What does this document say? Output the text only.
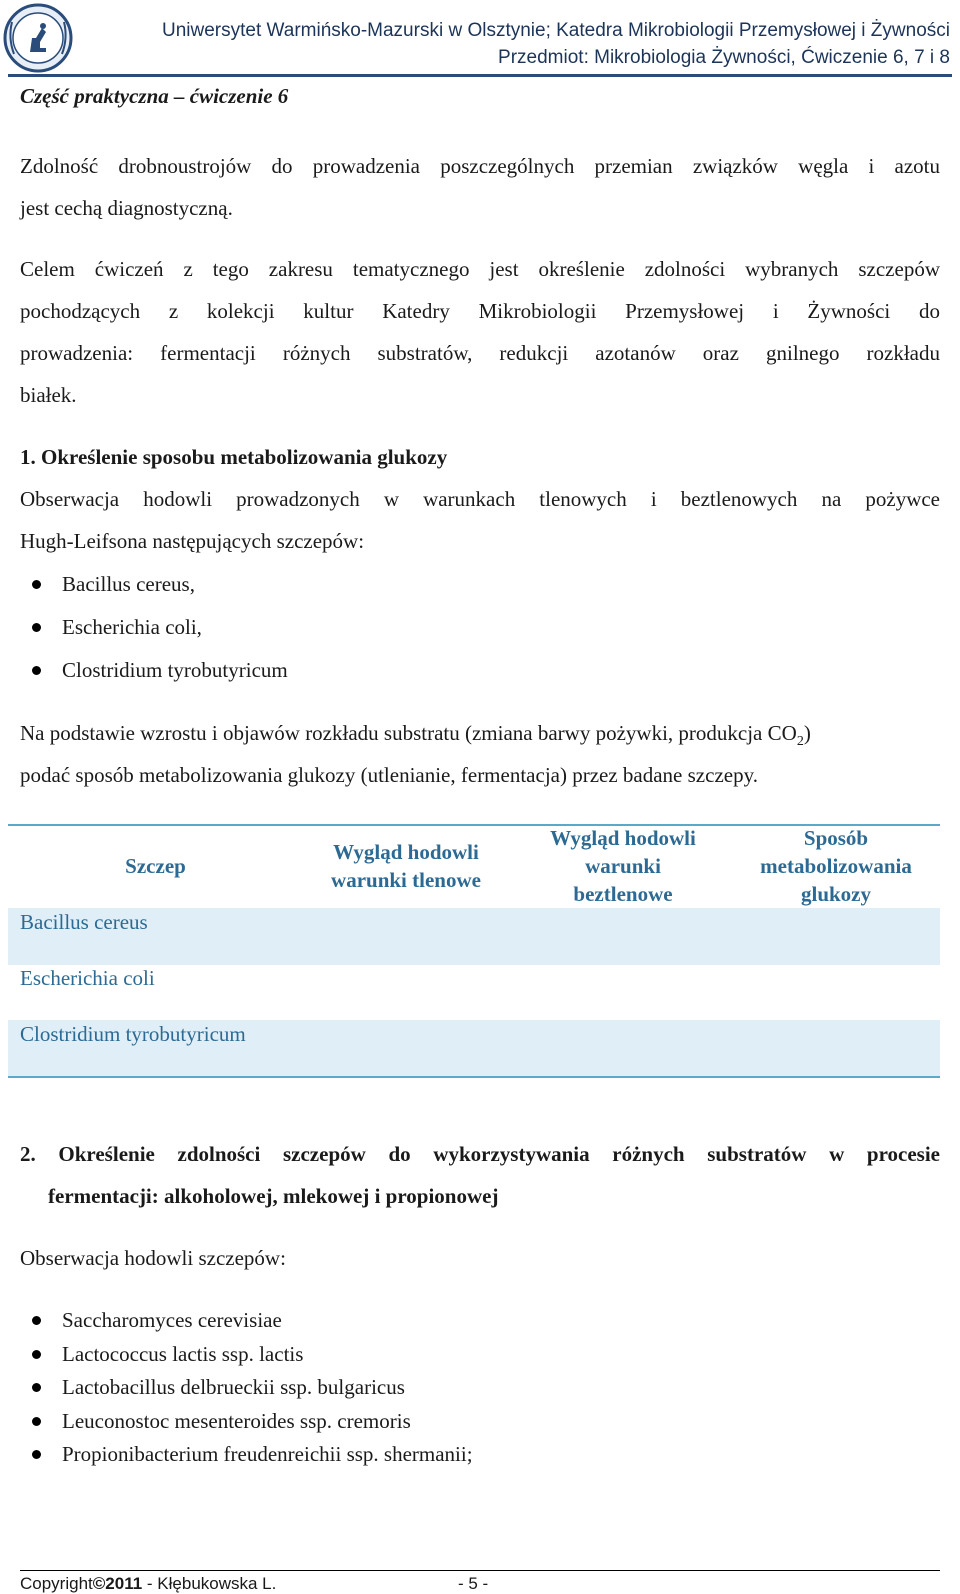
Uniwersytet Warmińsko-Mazurski w Olsztynie; Katedra Mikrobiologii Przemysłowej i Żywności
Przedmiot: Mikrobiologia Żywności, Ćwiczenie 6, 7 i 8
Część praktyczna – ćwiczenie 6

Zdolność drobnoustrojów do prowadzenia poszczególnych przemian związków węgla i azotu

jest cechą diagnostyczną.

Celem ćwiczeń z tego zakresu tematycznego jest określenie zdolności wybranych szczepów

pochodzących z kolekcji kultur Katedry Mikrobiologii Przemysłowej i Żywności do

prowadzenia: fermentacji różnych substratów, redukcji azotanów oraz gnilnego rozkładu

białek.

1. Określenie sposobu metabolizowania glukozy

Obserwacja hodowli prowadzonych w warunkach tlenowych i beztlenowych na pożywce

Hugh-Leifsona następujących szczepów:

Bacillus cereus,
Escherichia coli,
Clostridium tyrobutyricum

Na podstawie wzrostu i objawów rozkładu substratu (zmiana barwy pożywki, produkcja $CO_2$)

podać sposób metabolizowania glukozy (utlenianie, fermentacja) przez badane szczepy.

Szczep
Wygląd hodowli
warunki tlenowe
Wygląd hodowli
warunki
beztlenowe
Sposób
metabolizowania
glukozy
Bacillus cereus
Escherichia coli
Clostridium tyrobutyricum

2. Określenie zdolności szczepów do wykorzystywania różnych substratów w procesie

fermentacji: alkoholowej, mlekowej i propionowej

Obserwacja hodowli szczepów:

Saccharomyces cerevisiae
Lactococcus lactis ssp. lactis
Lactobacillus delbrueckii ssp. bulgaricus
Leuconostoc mesenteroides ssp. cremoris
Propionibacterium freudenreichii ssp. shermanii;
Copyright©2011 - Kłębukowska L.	- 5 -
